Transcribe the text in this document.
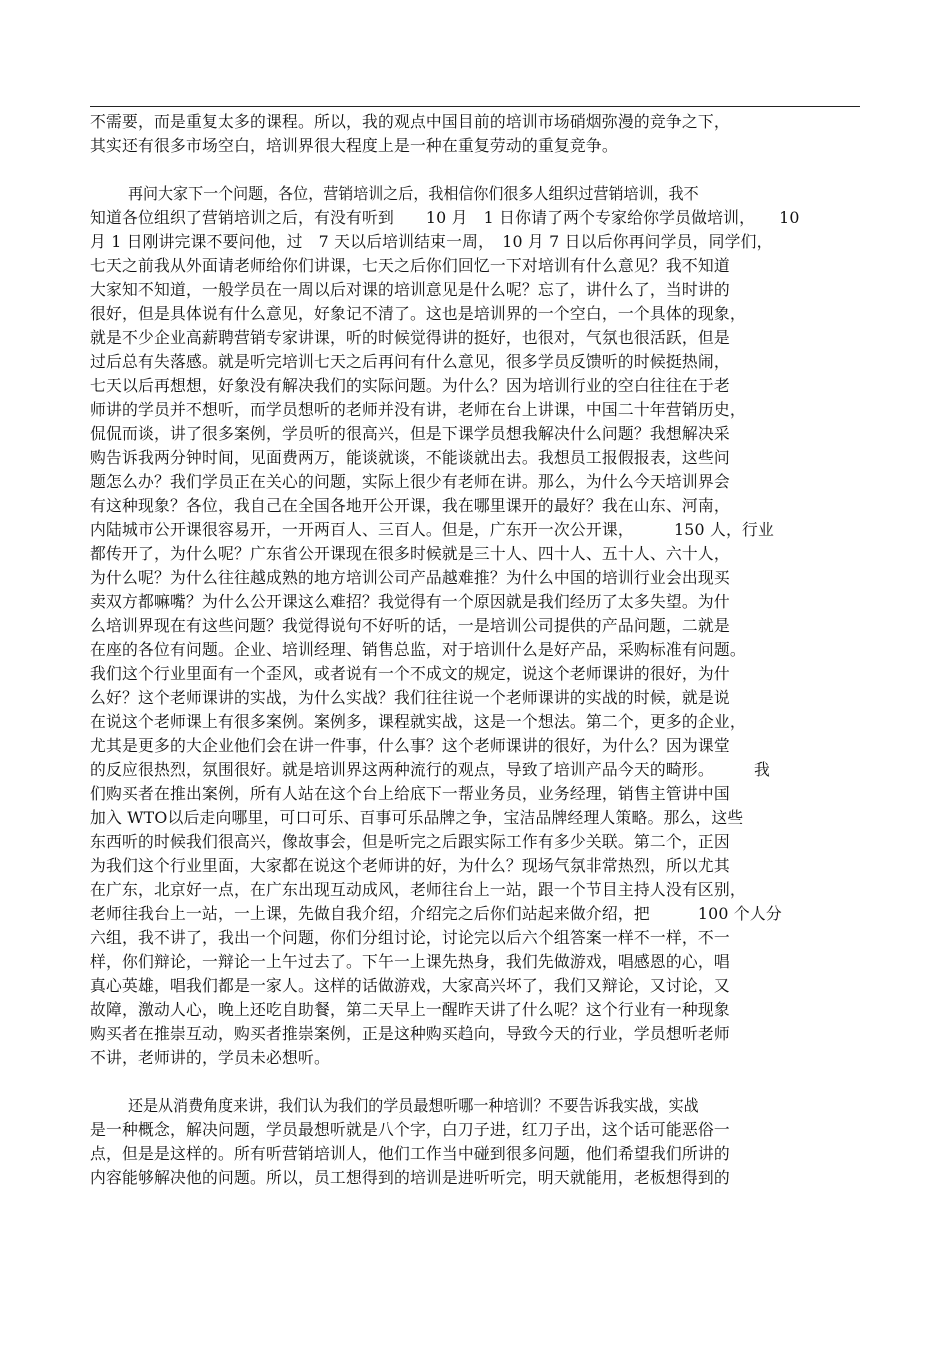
不需要，而是重复太多的课程。所以，我的观点中国目前的培训市场硝烟弥漫的竞争之下，
其实还有很多市场空白，培训界很大程度上是一种在重复劳动的重复竞争。
再问大家下一个问题，各位，营销培训之后，我相信你们很多人组织过营销培训，我不
知道各位组织了营销培训之后，有没有听到　　10 月　1 日你请了两个专家给你学员做培训，　　10
月 1 日刚讲完课不要问他，过　7 天以后培训结束一周，　10 月 7 日以后你再问学员，同学们，
七天之前我从外面请老师给你们讲课，七天之后你们回忆一下对培训有什么意见？我不知道
大家知不知道，一般学员在一周以后对课的培训意见是什么呢？忘了，讲什么了，当时讲的
很好，但是具体说有什么意见，好象记不清了。这也是培训界的一个空白，一个具体的现象，
就是不少企业高薪聘营销专家讲课，听的时候觉得讲的挺好，也很对，气氛也很活跃，但是
过后总有失落感。就是听完培训七天之后再问有什么意见，很多学员反馈听的时候挺热闹，
七天以后再想想，好象没有解决我们的实际问题。为什么？因为培训行业的空白往往在于老
师讲的学员并不想听，而学员想听的老师并没有讲，老师在台上讲课，中国二十年营销历史，
侃侃而谈，讲了很多案例，学员听的很高兴，但是下课学员想我解决什么问题？我想解决采
购告诉我两分钟时间，见面费两万，能谈就谈，不能谈就出去。我想员工报假报表，这些问
题怎么办？我们学员正在关心的问题，实际上很少有老师在讲。那么，为什么今天培训界会
有这种现象？各位，我自己在全国各地开公开课，我在哪里课开的最好？我在山东、河南，
内陆城市公开课很容易开，一开两百人、三百人。但是，广东开一次公开课，　　　150 人，行业
都传开了，为什么呢？广东省公开课现在很多时候就是三十人、四十人、五十人、六十人，
为什么呢？为什么往往越成熟的地方培训公司产品越难推？为什么中国的培训行业会出现买
卖双方都嘛嘴？为什么公开课这么难招？我觉得有一个原因就是我们经历了太多失望。为什
么培训界现在有这些问题？我觉得说句不好听的话，一是培训公司提供的产品问题，二就是
在座的各位有问题。企业、培训经理、销售总监，对于培训什么是好产品，采购标准有问题。
我们这个行业里面有一个歪风，或者说有一个不成文的规定，说这个老师课讲的很好，为什
么好？这个老师课讲的实战，为什么实战？我们往往说一个老师课讲的实战的时候，就是说
在说这个老师课上有很多案例。案例多，课程就实战，这是一个想法。第二个，更多的企业，
尤其是更多的大企业他们会在讲一件事，什么事？这个老师课讲的很好，为什么？因为课堂
的反应很热烈，氛围很好。就是培训界这两种流行的观点，导致了培训产品今天的畸形。　　　我
们购买者在推出案例，所有人站在这个台上给底下一帮业务员，业务经理，销售主管讲中国
加入 WTO以后走向哪里，可口可乐、百事可乐品牌之争，宝洁品牌经理人策略。那么，这些
东西听的时候我们很高兴，像故事会，但是听完之后跟实际工作有多少关联。第二个，正因
为我们这个行业里面，大家都在说这个老师讲的好，为什么？现场气氛非常热烈，所以尤其
在广东，北京好一点，在广东出现互动成风，老师往台上一站，跟一个节目主持人没有区别，
老师往我台上一站，一上课，先做自我介绍，介绍完之后你们站起来做介绍，把　　　100 个人分
六组，我不讲了，我出一个问题，你们分组讨论，讨论完以后六个组答案一样不一样，不一
样，你们辩论，一辩论一上午过去了。下午一上课先热身，我们先做游戏，唱感恩的心，唱
真心英雄，唱我们都是一家人。这样的话做游戏，大家高兴坏了，我们又辩论，又讨论，又
故障，激动人心，晚上还吃自助餐，第二天早上一醒昨天讲了什么呢？这个行业有一种现象
购买者在推崇互动，购买者推崇案例，正是这种购买趋向，导致今天的行业，学员想听老师
不讲，老师讲的，学员未必想听。
还是从消费角度来讲，我们认为我们的学员最想听哪一种培训？不要告诉我实战，实战
是一种概念，解决问题，学员最想听就是八个字，白刀子进，红刀子出，这个话可能恶俗一
点，但是是这样的。所有听营销培训人，他们工作当中碰到很多问题，他们希望我们所讲的
内容能够解决他的问题。所以，员工想得到的培训是进听听完，明天就能用，老板想得到的
